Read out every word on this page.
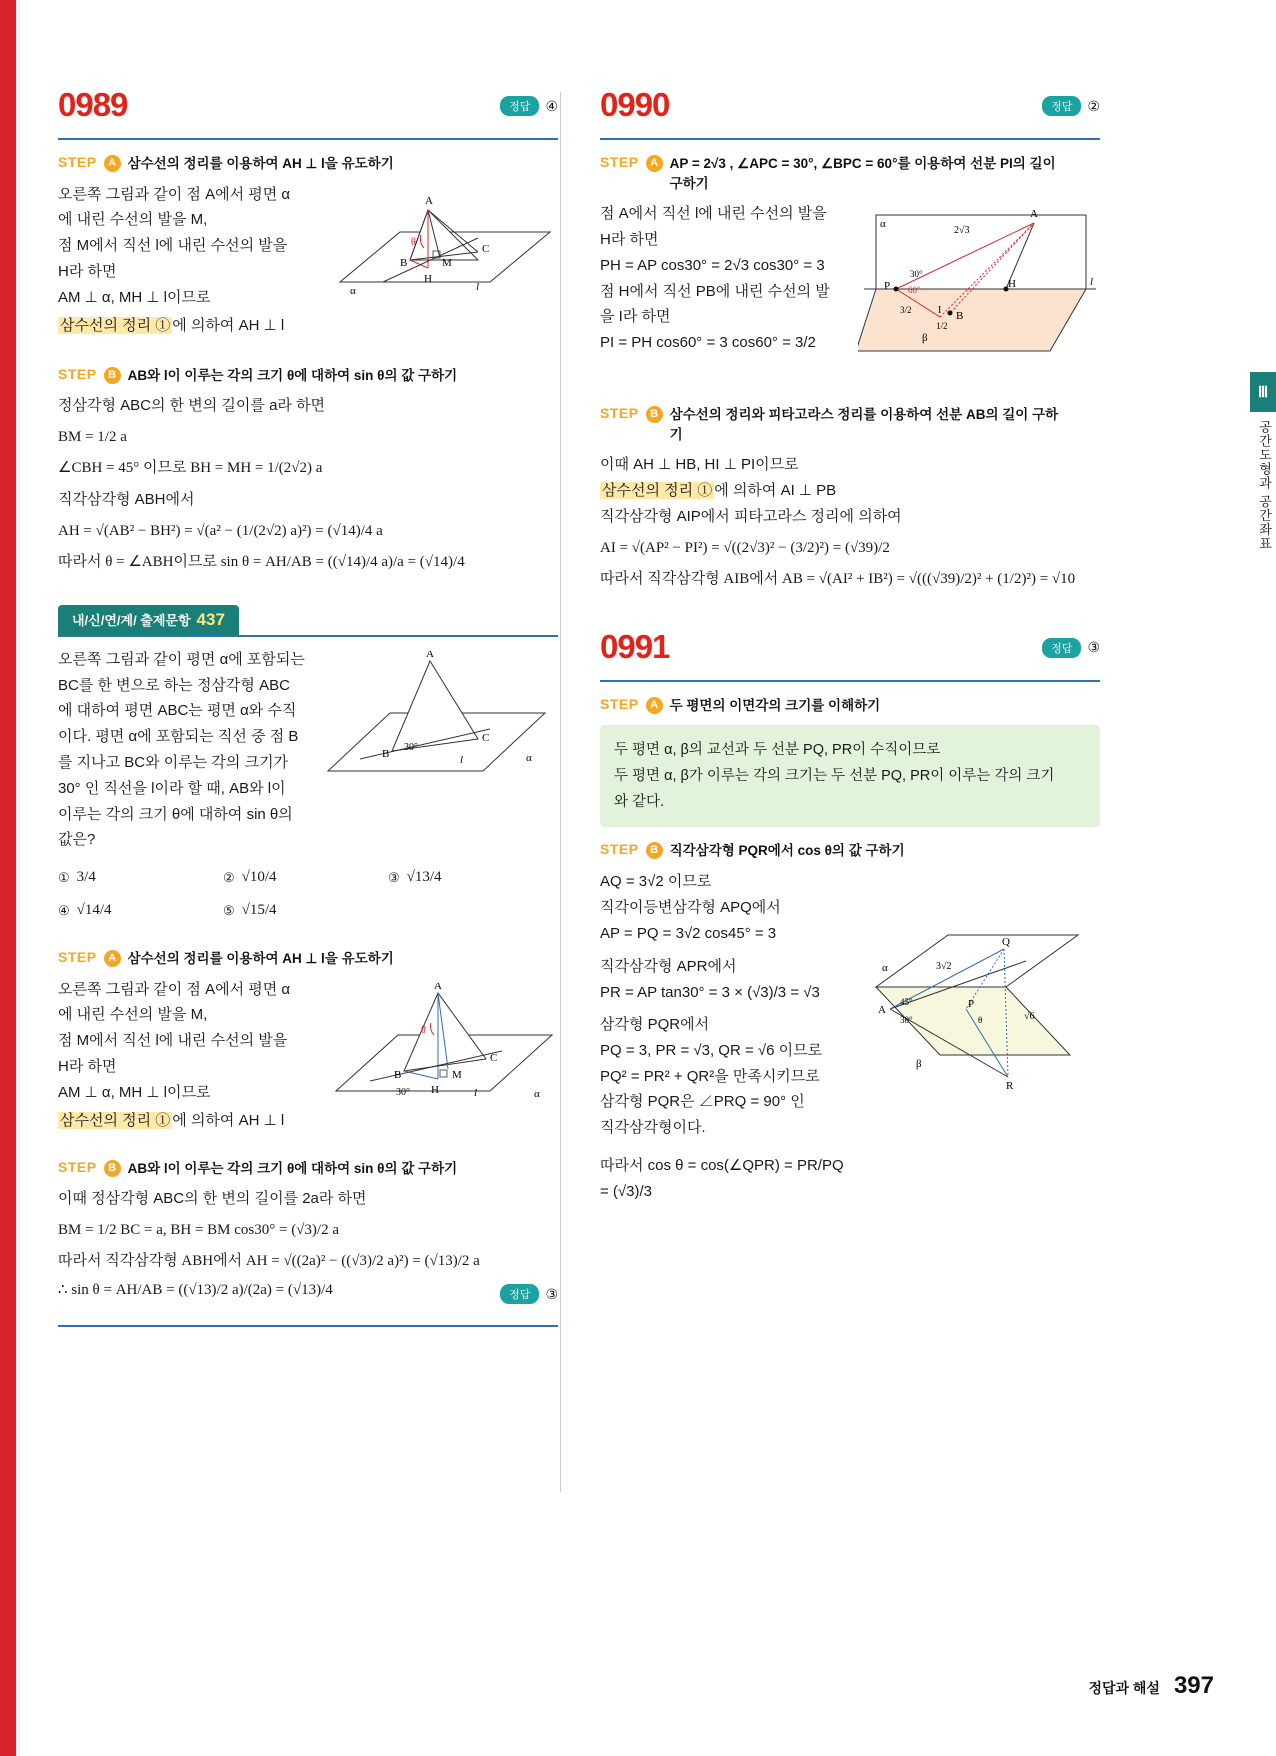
Ⅲ
공간도형과 공간좌표
0989	정답	④
STEP	A 삼수선의 정리를 이용하여 AH ⊥ l을 유도하기
오른쪽 그림과 같이 점 A에서 평면 α
에 내린 수선의 발을 M,
점 M에서 직선 l에 내린 수선의 발을
H라 하면
AM ⊥ α, MH ⊥ l이므로
삼수선의 정리 ① 에 의하여 AH ⊥ l
A
B
C
M
H
θ
l
α
STEP	B AB와 l이 이루는 각의 크기 θ에 대하여 sin θ의 값 구하기
정삼각형 ABC의 한 변의 길이를 a라 하면
BM = 1/2 a
∠CBH = 45° 이므로 BH = MH = 1/(2√2) a
직각삼각형 ABH에서
AH = √(AB² − BH²) = √(a² − (1/(2√2) a)²) = (√14)/4 a
따라서 θ = ∠ABH이므로 sin θ = AH/AB = ((√14)/4 a)/a = (√14)/4
내/신/연/계/ 출제문항 437
오른쪽 그림과 같이 평면 α에 포함되는
BC를 한 변으로 하는 정삼각형 ABC
에 대하여 평면 ABC는 평면 α와 수직
이다. 평면 α에 포함되는 직선 중 점 B
를 지나고 BC와 이루는 각의 크기가
30° 인 직선을 l이라 할 때, AB와 l이
이루는 각의 크기 θ에 대하여 sin θ의
값은?
A
B
C
30°
l	α
① 3/4	② √10/4	③ √13/4
④ √14/4	⑤ √15/4
STEP	A 삼수선의 정리를 이용하여 AH ⊥ l을 유도하기
오른쪽 그림과 같이 점 A에서 평면 α
에 내린 수선의 발을 M,
점 M에서 직선 l에 내린 수선의 발을
H라 하면
AM ⊥ α, MH ⊥ l이므로
삼수선의 정리 ① 에 의하여 AH ⊥ l
A
B
C
M
H
θ
30°	l	α
STEP	B AB와 l이 이루는 각의 크기 θ에 대하여 sin θ의 값 구하기
이때 정삼각형 ABC의 한 변의 길이를 2a라 하면
BM = 1/2 BC = a, BH = BM cos30° = (√3)/2 a
따라서 직각삼각형 ABH에서 AH = √((2a)² − ((√3)/2 a)²) = (√13)/2 a
∴ sin θ = AH/AB = ((√13)/2 a)/(2a) = (√13)/4	정답	③
0990	정답	②
STEP	A AP = 2√3 , ∠APC = 30°, ∠BPC = 60°를 이용하여 선분 PI의 길이 구하기
점 A에서 직선 l에 내린 수선의 발을
H라 하면
PH = AP cos30° = 2√3 cos30° = 3
점 H에서 직선 PB에 내린 수선의 발
을 I라 하면
PI = PH cos60° = 3 cos60° = 3/2
A
P	H
B
α
β
l
2√3
30°
60°
3/2
1/2
I
STEP	B 삼수선의 정리와 피타고라스 정리를 이용하여 선분 AB의 길이 구하기
이때 AH ⊥ HB, HI ⊥ PI이므로
삼수선의 정리 ① 에 의하여 AI ⊥ PB
직각삼각형 AIP에서 피타고라스 정리에 의하여
AI = √(AP² − PI²) = √((2√3)² − (3/2)²) = (√39)/2
따라서 직각삼각형 AIB에서 AB = √(AI² + IB²) = √(((√39)/2)² + (1/2)²) = √10
0991	정답	③
STEP	A 두 평면의 이면각의 크기를 이해하기
두 평면 α, β의 교선과 두 선분 PQ, PR이 수직이므로
두 평면 α, β가 이루는 각의 크기는 두 선분 PQ, PR이 이루는 각의 크기
와 같다.
STEP	B 직각삼각형 PQR에서 cos θ의 값 구하기
AQ = 3√2 이므로
직각이등변삼각형 APQ에서
AP = PQ = 3√2 cos45° = 3
직각삼각형 APR에서
PR = AP tan30° = 3 × (√3)/3 = √3
삼각형 PQR에서
PQ = 3, PR = √3, QR = √6 이므로
PQ² = PR² + QR²을 만족시키므로
삼각형 PQR은 ∠PRQ = 90° 인
직각삼각형이다.
따라서 cos θ = cos(∠QPR) = PR/PQ = (√3)/3
Q
A	P
R
α
β
3√2
√6
45°
30°	θ
정답과 해설 397
